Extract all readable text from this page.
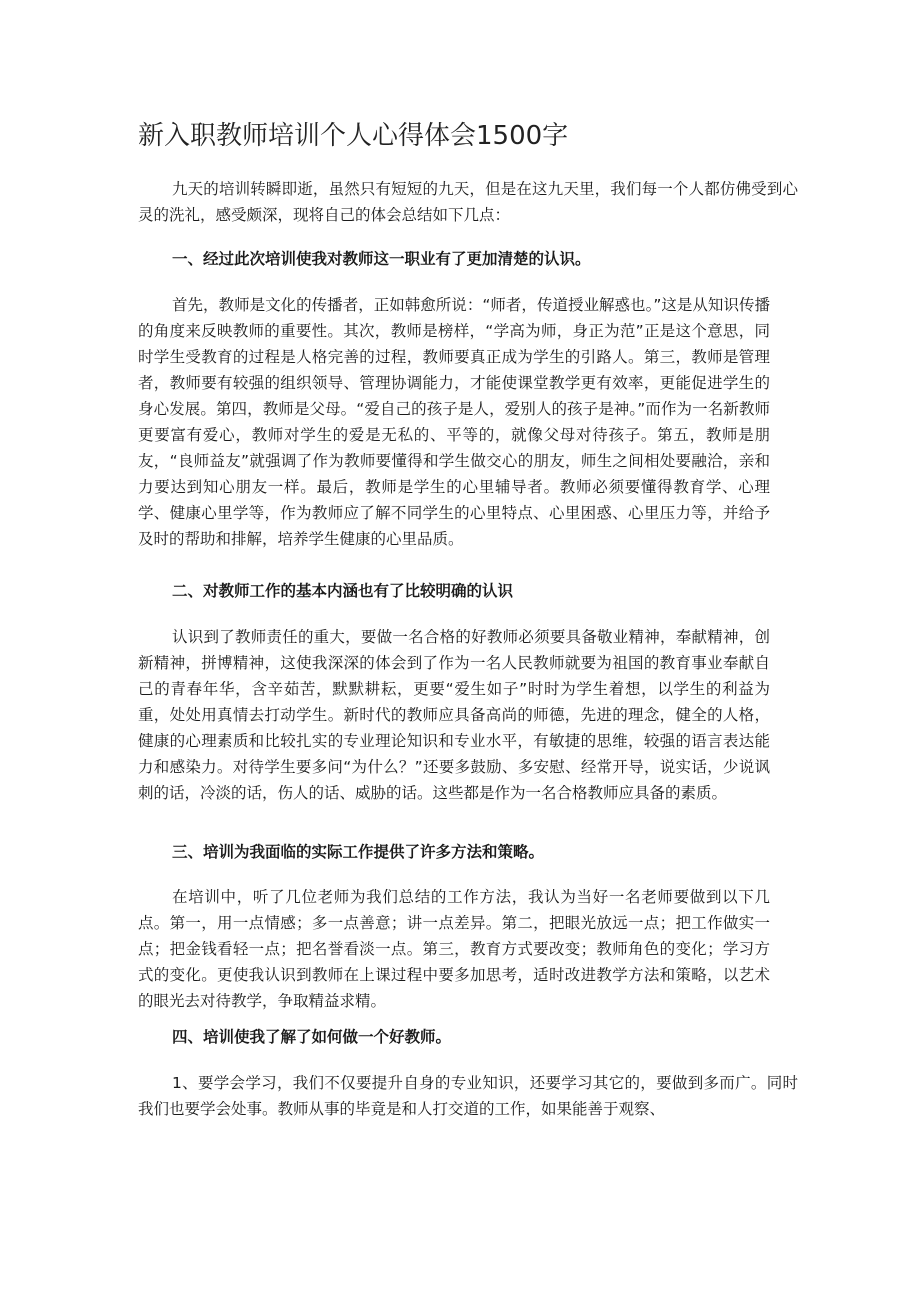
新入职教师培训个人心得体会1500字

九天的培训转瞬即逝，虽然只有短短的九天，但是在这九天里，我们每一个人都仿佛受到心灵的洗礼，感受颇深，现将自己的体会总结如下几点：

一、经过此次培训使我对教师这一职业有了更加清楚的认识。

首先，教师是文化的传播者，正如韩愈所说：“师者，传道授业解惑也。”这是从知识传播的角度来反映教师的重要性。其次，教师是榜样，“学高为师，身正为范”正是这个意思，同时学生受教育的过程是人格完善的过程，教师要真正成为学生的引路人。第三，教师是管理者，教师要有较强的组织领导、管理协调能力，才能使课堂教学更有效率，更能促进学生的身心发展。第四，教师是父母。“爱自己的孩子是人，爱别人的孩子是神。”而作为一名新教师更要富有爱心，教师对学生的爱是无私的、平等的，就像父母对待孩子。第五，教师是朋友，“良师益友”就强调了作为教师要懂得和学生做交心的朋友，师生之间相处要融洽，亲和力要达到知心朋友一样。最后，教师是学生的心里辅导者。教师必须要懂得教育学、心理学、健康心里学等，作为教师应了解不同学生的心里特点、心里困惑、心里压力等，并给予及时的帮助和排解，培养学生健康的心里品质。

二、对教师工作的基本内涵也有了比较明确的认识

认识到了教师责任的重大，要做一名合格的好教师必须要具备敬业精神，奉献精神，创新精神，拼博精神，这使我深深的体会到了作为一名人民教师就要为祖国的教育事业奉献自己的青春年华，含辛茹苦，默默耕耘，更要“爱生如子”时时为学生着想，以学生的利益为重，处处用真情去打动学生。新时代的教师应具备高尚的师德，先进的理念，健全的人格，健康的心理素质和比较扎实的专业理论知识和专业水平，有敏捷的思维，较强的语言表达能力和感染力。对待学生要多问“为什么？”还要多鼓励、多安慰、经常开导，说实话，少说讽刺的话，冷淡的话，伤人的话、威胁的话。这些都是作为一名合格教师应具备的素质。

三、培训为我面临的实际工作提供了许多方法和策略。

在培训中，听了几位老师为我们总结的工作方法，我认为当好一名老师要做到以下几点。第一，用一点情感；多一点善意；讲一点差异。第二，把眼光放远一点；把工作做实一点；把金钱看轻一点；把名誉看淡一点。第三，教育方式要改变；教师角色的变化；学习方式的变化。更使我认识到教师在上课过程中要多加思考，适时改进教学方法和策略，以艺术的眼光去对待教学，争取精益求精。

四、培训使我了解了如何做一个好教师。

1、要学会学习，我们不仅要提升自身的专业知识，还要学习其它的，要做到多而广。同时我们也要学会处事。教师从事的毕竟是和人打交道的工作，如果能善于观察、
